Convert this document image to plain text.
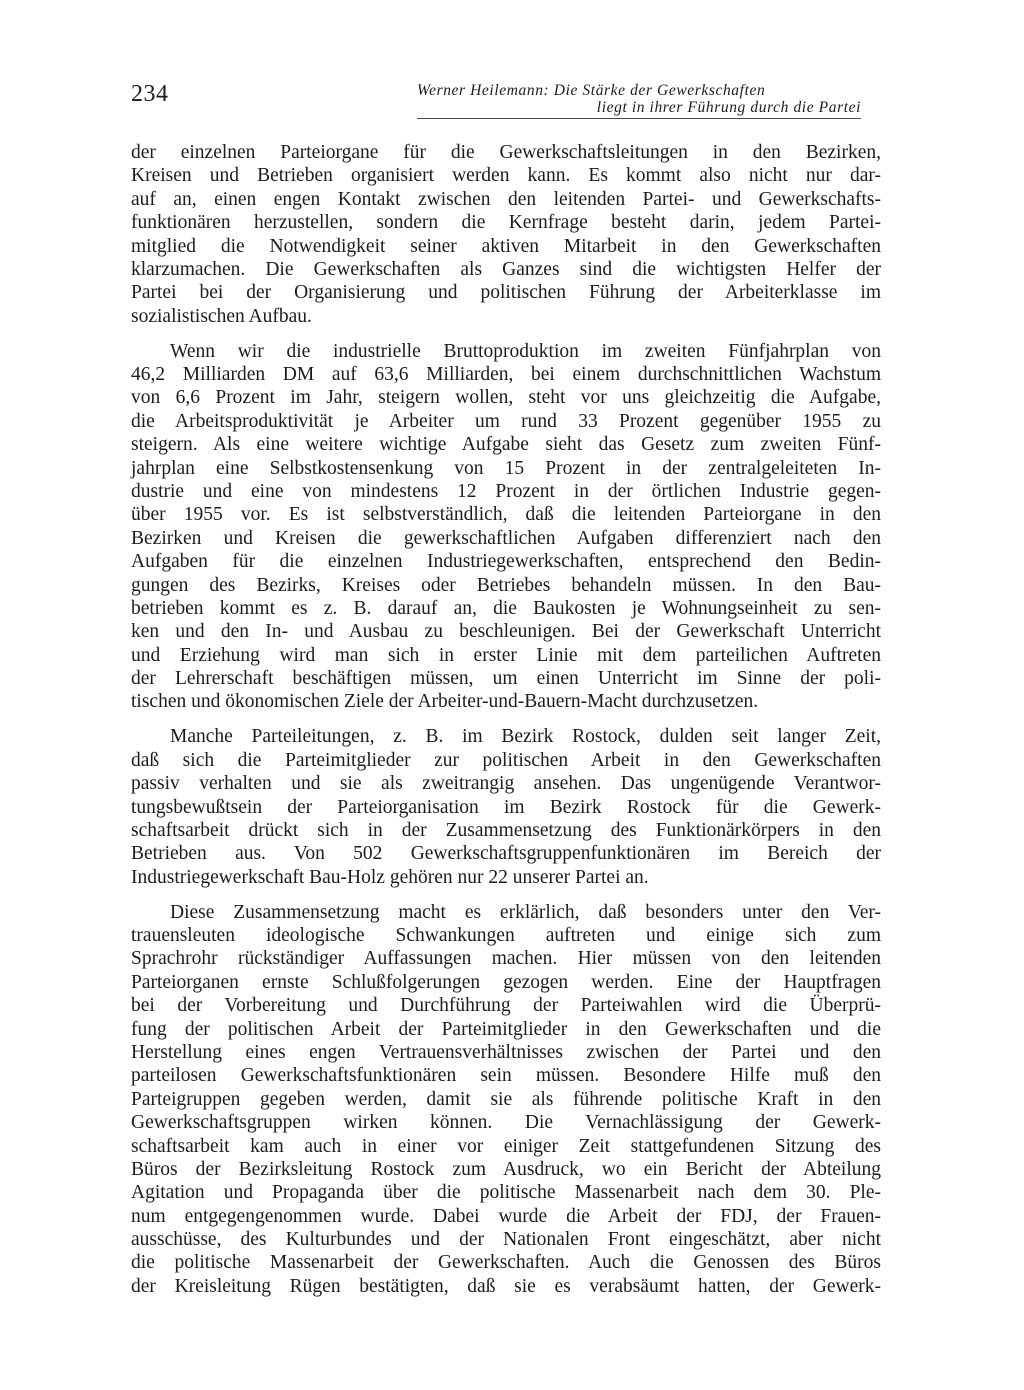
234	Werner Heilemann: Die Stärke der Gewerkschaften
liegt in ihrer Führung durch die Partei
der einzelnen Parteiorgane für die Gewerkschaftsleitungen in den Bezirken,
Kreisen und Betrieben organisiert werden kann. Es kommt also nicht nur dar-
auf an, einen engen Kontakt zwischen den leitenden Partei- und Gewerkschafts-
funktionären herzustellen, sondern die Kernfrage besteht darin, jedem Partei-
mitglied die Notwendigkeit seiner aktiven Mitarbeit in den Gewerkschaften
klarzumachen. Die Gewerkschaften als Ganzes sind die wichtigsten Helfer der
Partei bei der Organisierung und politischen Führung der Arbeiterklasse im
sozialistischen Aufbau.
Wenn wir die industrielle Bruttoproduktion im zweiten Fünfjahrplan von
46,2 Milliarden DM auf 63,6 Milliarden, bei einem durchschnittlichen Wachstum
von 6,6 Prozent im Jahr, steigern wollen, steht vor uns gleichzeitig die Aufgabe,
die Arbeitsproduktivität je Arbeiter um rund 33 Prozent gegenüber 1955 zu
steigern. Als eine weitere wichtige Aufgabe sieht das Gesetz zum zweiten Fünf-
jahrplan eine Selbstkostensenkung von 15 Prozent in der zentralgeleiteten In-
dustrie und eine von mindestens 12 Prozent in der örtlichen Industrie gegen-
über 1955 vor. Es ist selbstverständlich, daß die leitenden Parteiorgane in den
Bezirken und Kreisen die gewerkschaftlichen Aufgaben differenziert nach den
Aufgaben für die einzelnen Industriegewerkschaften, entsprechend den Bedin-
gungen des Bezirks, Kreises oder Betriebes behandeln müssen. In den Bau-
betrieben kommt es z. B. darauf an, die Baukosten je Wohnungseinheit zu sen-
ken und den In- und Ausbau zu beschleunigen. Bei der Gewerkschaft Unterricht
und Erziehung wird man sich in erster Linie mit dem parteilichen Auftreten
der Lehrerschaft beschäftigen müssen, um einen Unterricht im Sinne der poli-
tischen und ökonomischen Ziele der Arbeiter-und-Bauern-Macht durchzusetzen.
Manche Parteileitungen, z. B. im Bezirk Rostock, dulden seit langer Zeit,
daß sich die Parteimitglieder zur politischen Arbeit in den Gewerkschaften
passiv verhalten und sie als zweitrangig ansehen. Das ungenügende Verantwor-
tungsbewußtsein der Parteiorganisation im Bezirk Rostock für die Gewerk-
schaftsarbeit drückt sich in der Zusammensetzung des Funktionärkörpers in den
Betrieben aus. Von 502 Gewerkschaftsgruppenfunktionären im Bereich der
Industriegewerkschaft Bau-Holz gehören nur 22 unserer Partei an.
Diese Zusammensetzung macht es erklärlich, daß besonders unter den Ver-
trauensleuten ideologische Schwankungen auftreten und einige sich zum
Sprachrohr rückständiger Auffassungen machen. Hier müssen von den leitenden
Parteiorganen ernste Schlußfolgerungen gezogen werden. Eine der Hauptfragen
bei der Vorbereitung und Durchführung der Parteiwahlen wird die Überprü-
fung der politischen Arbeit der Parteimitglieder in den Gewerkschaften und die
Herstellung eines engen Vertrauensverhältnisses zwischen der Partei und den
parteilosen Gewerkschaftsfunktionären sein müssen. Besondere Hilfe muß den
Parteigruppen gegeben werden, damit sie als führende politische Kraft in den
Gewerkschaftsgruppen wirken können. Die Vernachlässigung der Gewerk-
schaftsarbeit kam auch in einer vor einiger Zeit stattgefundenen Sitzung des
Büros der Bezirksleitung Rostock zum Ausdruck, wo ein Bericht der Abteilung
Agitation und Propaganda über die politische Massenarbeit nach dem 30. Ple-
num entgegengenommen wurde. Dabei wurde die Arbeit der FDJ, der Frauen-
ausschüsse, des Kulturbundes und der Nationalen Front eingeschätzt, aber nicht
die politische Massenarbeit der Gewerkschaften. Auch die Genossen des Büros
der Kreisleitung Rügen bestätigten, daß sie es verabsäumt hatten, der Gewerk-
